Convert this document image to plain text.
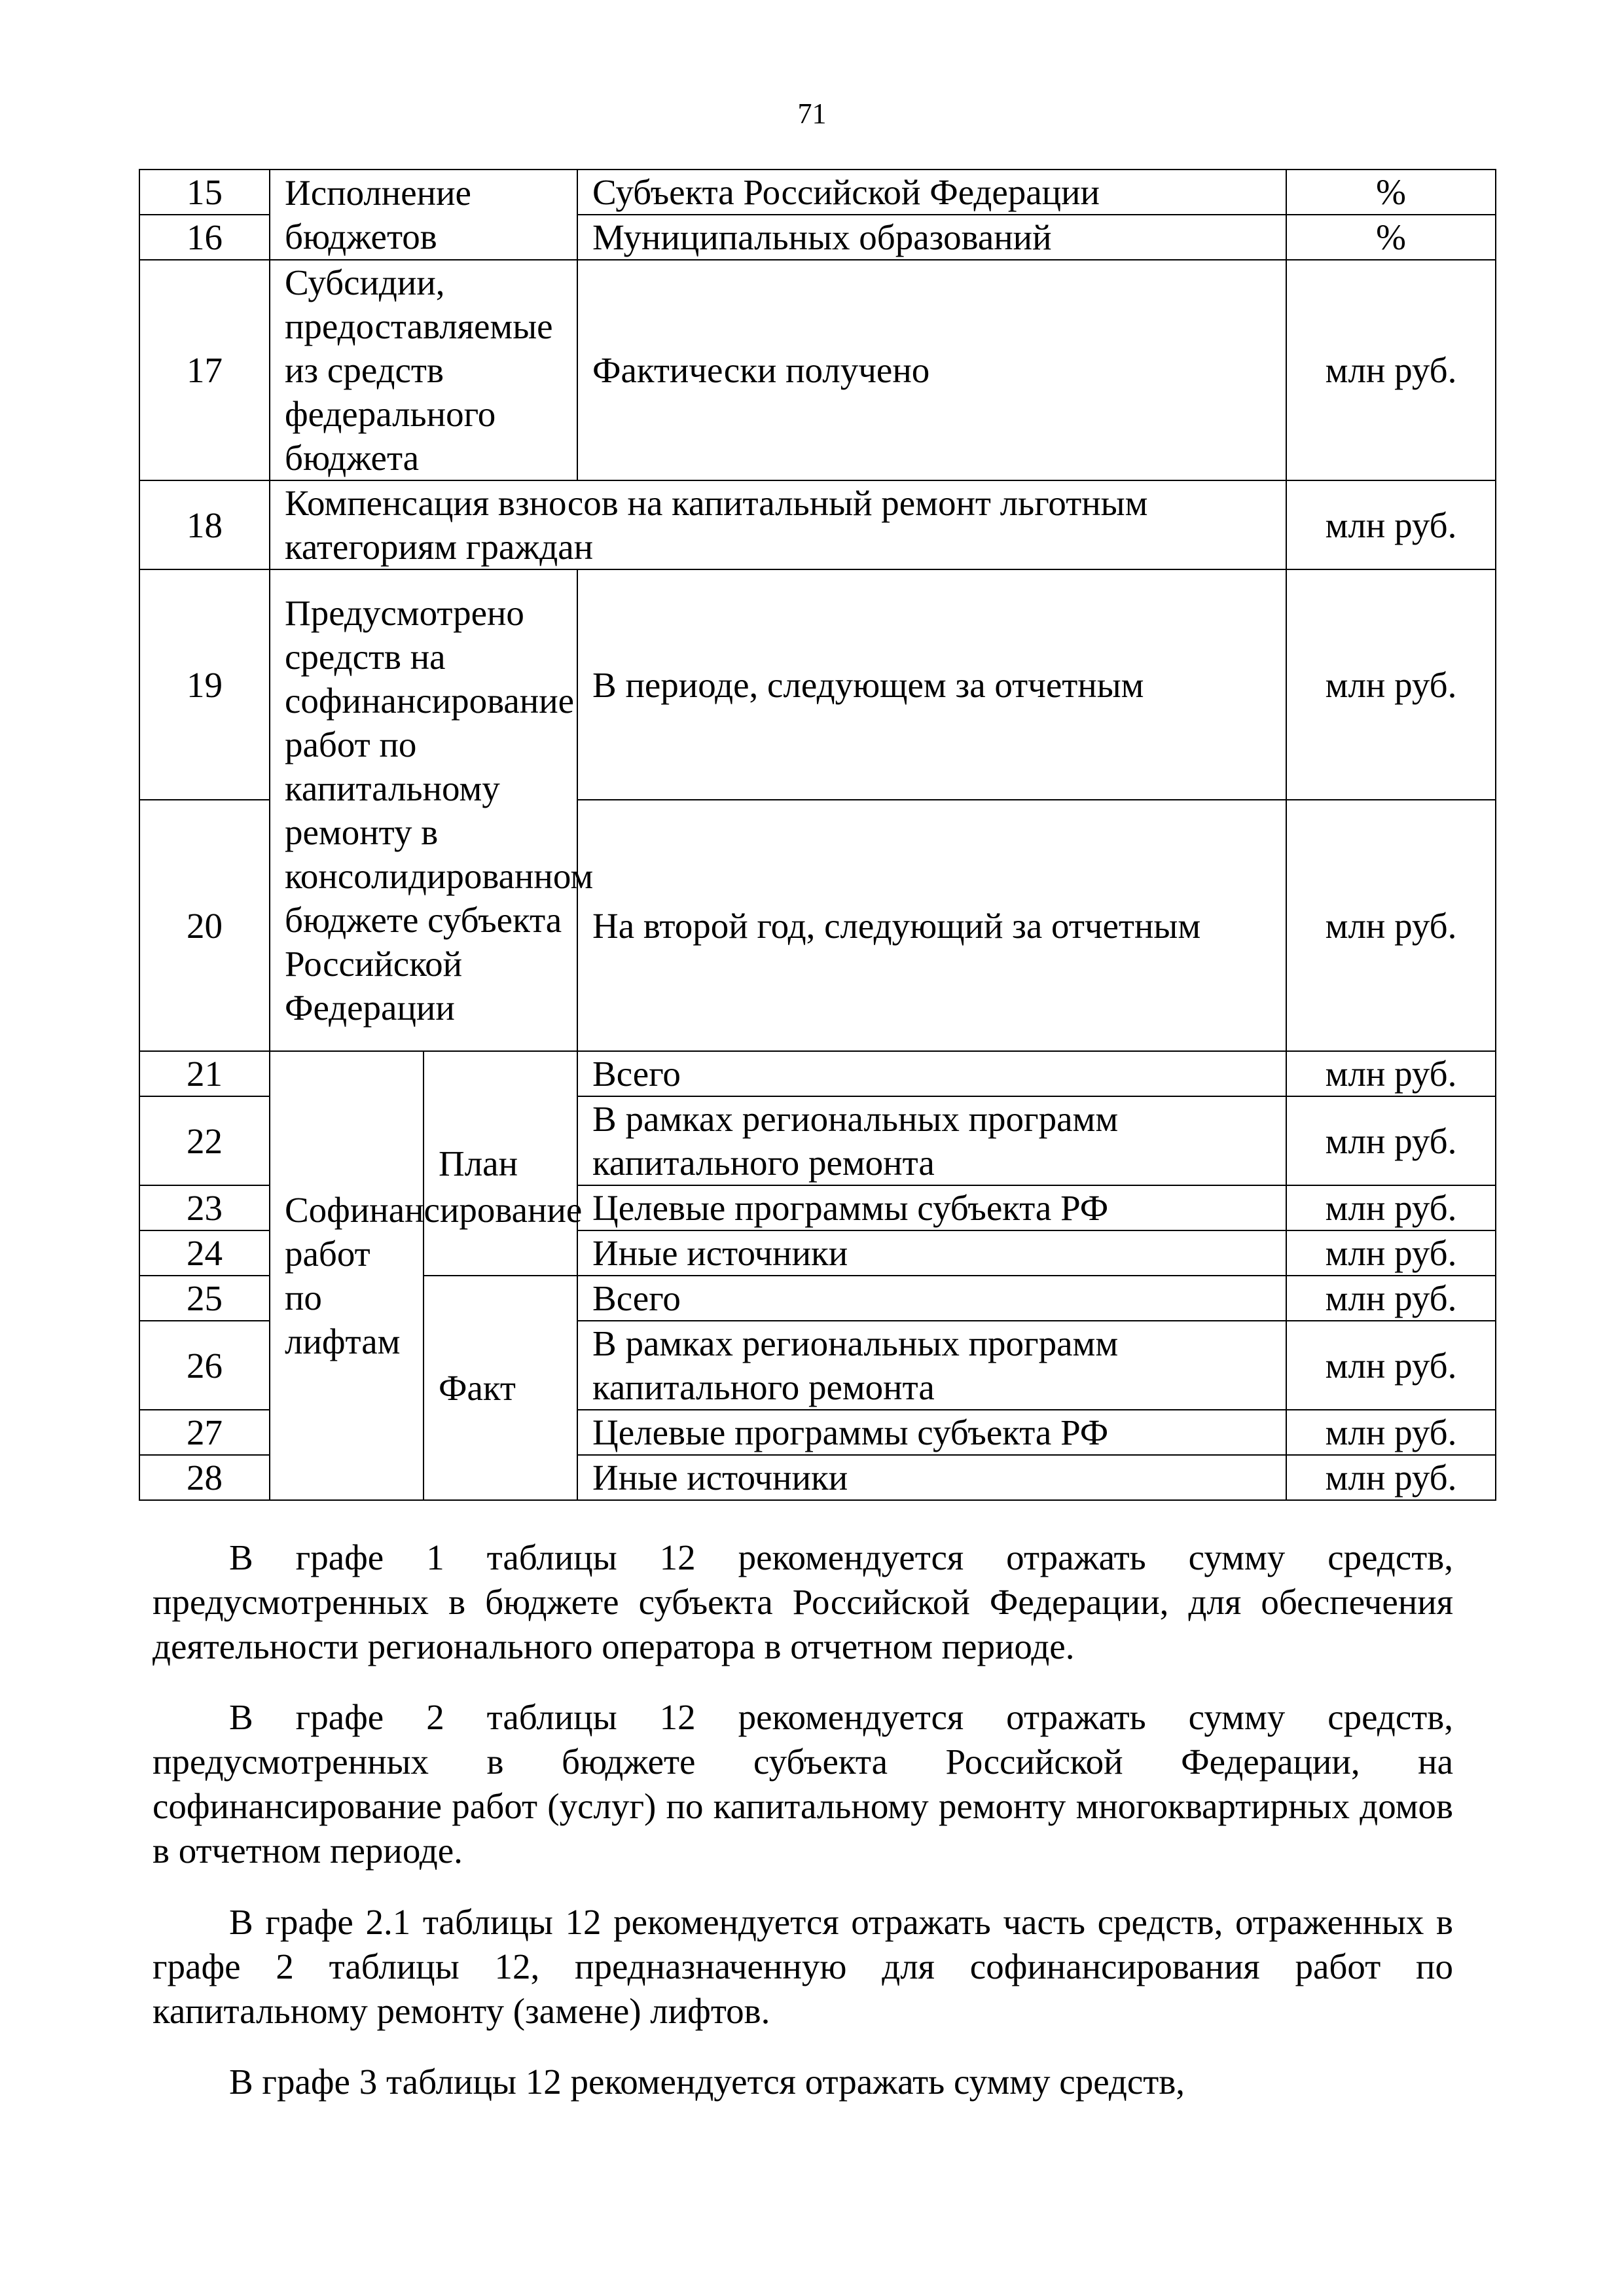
71
15	Исполнение бюджетов		Субъекта Российской Федерации	%
16			Муниципальных образований	%
17	Субсидии, предоставляемые из средств федерального бюджета		Фактически получено	млн руб.
18	Компенсация взносов на капитальный ремонт льготным категориям граждан			млн руб.
19	Предусмотрено средств на софинансирование работ по капитальному ремонту в консолидированном бюджете субъекта Российской Федерации		В периоде, следующем за отчетным	млн руб.
20			На второй год, следующий за отчетным	млн руб.
21	Софинансирование работ по лифтам	План	Всего	млн руб.
22			В рамках региональных программ капитального ремонта	млн руб.
23			Целевые программы субъекта РФ	млн руб.
24			Иные источники	млн руб.
25		Факт	Всего	млн руб.
26			В рамках региональных программ капитального ремонта	млн руб.
27			Целевые программы субъекта РФ	млн руб.
28			Иные источники	млн руб.

В графе 1 таблицы 12 рекомендуется отражать сумму средств, предусмотренных в бюджете субъекта Российской Федерации, для обеспечения деятельности регионального оператора в отчетном периоде.

В графе 2 таблицы 12 рекомендуется отражать сумму средств, предусмотренных в бюджете субъекта Российской Федерации, на софинансирование работ (услуг) по капитальному ремонту многоквартирных домов в отчетном периоде.

В графе 2.1 таблицы 12 рекомендуется отражать часть средств, отраженных в графе 2 таблицы 12, предназначенную для софинансирования работ по капитальному ремонту (замене) лифтов.

В графе 3 таблицы 12 рекомендуется отражать сумму средств,
